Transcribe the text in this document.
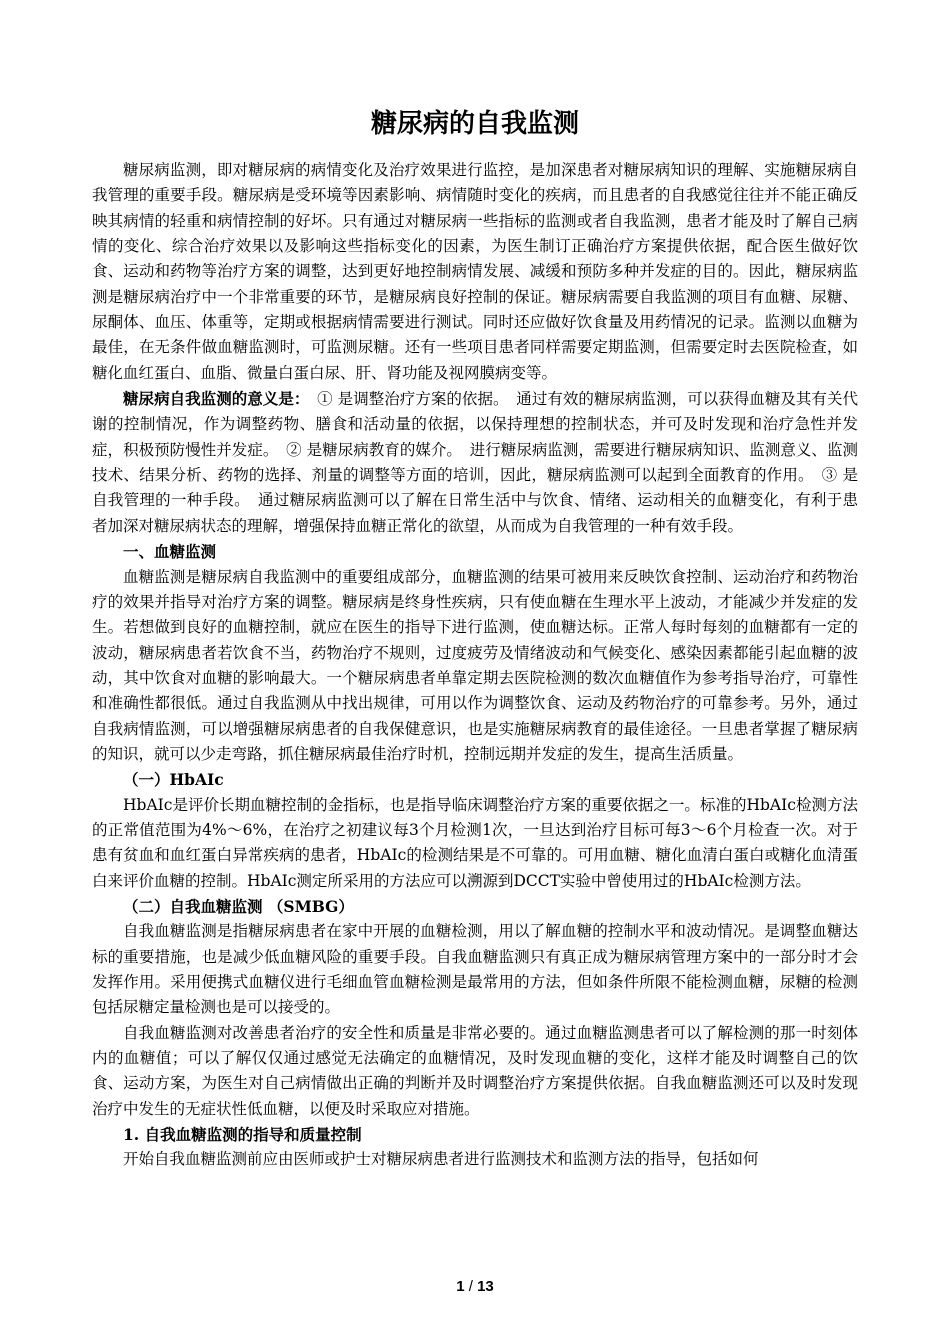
糖尿病的自我监测

糖尿病监测，即对糖尿病的病情变化及治疗效果进行监控，是加深患者对糖尿病知识的理解、实施糖尿病自我管理的重要手段。糖尿病是受环境等因素影响、病情随时变化的疾病，而且患者的自我感觉往往并不能正确反映其病情的轻重和病情控制的好坏。只有通过对糖尿病一些指标的监测或者自我监测，患者才能及时了解自己病情的变化、综合治疗效果以及影响这些指标变化的因素，为医生制订正确治疗方案提供依据，配合医生做好饮食、运动和药物等治疗方案的调整，达到更好地控制病情发展、减缓和预防多种并发症的目的。因此，糖尿病监测是糖尿病治疗中一个非常重要的环节，是糖尿病良好控制的保证。糖尿病需要自我监测的项目有血糖、尿糖、尿酮体、血压、体重等，定期或根据病情需要进行测试。同时还应做好饮食量及用药情况的记录。监测以血糖为最佳，在无条件做血糖监测时，可监测尿糖。还有一些项目患者同样需要定期监测，但需要定时去医院检查，如糖化血红蛋白、血脂、微量白蛋白尿、肝、肾功能及视网膜病变等。

糖尿病自我监测的意义是：　① 是调整治疗方案的依据。　通过有效的糖尿病监测，可以获得血糖及其有关代谢的控制情况，作为调整药物、膳食和活动量的依据，以保持理想的控制状态，并可及时发现和治疗急性并发症，积极预防慢性并发症。　② 是糖尿病教育的媒介。　进行糖尿病监测，需要进行糖尿病知识、监测意义、监测技术、结果分析、药物的选择、剂量的调整等方面的培训，因此，糖尿病监测可以起到全面教育的作用。　③ 是自我管理的一种手段。　通过糖尿病监测可以了解在日常生活中与饮食、情绪、运动相关的血糖变化，有利于患者加深对糖尿病状态的理解，增强保持血糖正常化的欲望，从而成为自我管理的一种有效手段。

一、血糖监测

血糖监测是糖尿病自我监测中的重要组成部分，血糖监测的结果可被用来反映饮食控制、运动治疗和药物治疗的效果并指导对治疗方案的调整。糖尿病是终身性疾病，只有使血糖在生理水平上波动，才能减少并发症的发生。若想做到良好的血糖控制，就应在医生的指导下进行监测，使血糖达标。正常人每时每刻的血糖都有一定的波动，糖尿病患者若饮食不当，药物治疗不规则，过度疲劳及情绪波动和气候变化、感染因素都能引起血糖的波动，其中饮食对血糖的影响最大。一个糖尿病患者单靠定期去医院检测的数次血糖值作为参考指导治疗，可靠性和准确性都很低。通过自我监测从中找出规律，可用以作为调整饮食、运动及药物治疗的可靠参考。另外，通过自我病情监测，可以增强糖尿病患者的自我保健意识，也是实施糖尿病教育的最佳途径。一旦患者掌握了糖尿病的知识，就可以少走弯路，抓住糖尿病最佳治疗时机，控制远期并发症的发生，提高生活质量。

（一）HbAIc

HbAIc是评价长期血糖控制的金指标，也是指导临床调整治疗方案的重要依据之一。标准的HbAIc检测方法的正常值范围为4%～6%，在治疗之初建议每3个月检测1次，一旦达到治疗目标可每3～6个月检查一次。对于患有贫血和血红蛋白异常疾病的患者，HbAIc的检测结果是不可靠的。可用血糖、糖化血清白蛋白或糖化血清蛋白来评价血糖的控制。HbAIc测定所采用的方法应可以溯源到DCCT实验中曾使用过的HbAIc检测方法。

（二）自我血糖监测 （SMBG）

自我血糖监测是指糖尿病患者在家中开展的血糖检测，用以了解血糖的控制水平和波动情况。是调整血糖达标的重要措施，也是减少低血糖风险的重要手段。自我血糖监测只有真正成为糖尿病管理方案中的一部分时才会发挥作用。采用便携式血糖仪进行毛细血管血糖检测是最常用的方法，但如条件所限不能检测血糖，尿糖的检测包括尿糖定量检测也是可以接受的。

自我血糖监测对改善患者治疗的安全性和质量是非常必要的。通过血糖监测患者可以了解检测的那一时刻体内的血糖值；可以了解仅仅通过感觉无法确定的血糖情况，及时发现血糖的变化，这样才能及时调整自己的饮食、运动方案，为医生对自己病情做出正确的判断并及时调整治疗方案提供依据。自我血糖监测还可以及时发现治疗中发生的无症状性低血糖，以便及时采取应对措施。

1. 自我血糖监测的指导和质量控制

开始自我血糖监测前应由医师或护士对糖尿病患者进行监测技术和监测方法的指导，包括如何

1 / 13
